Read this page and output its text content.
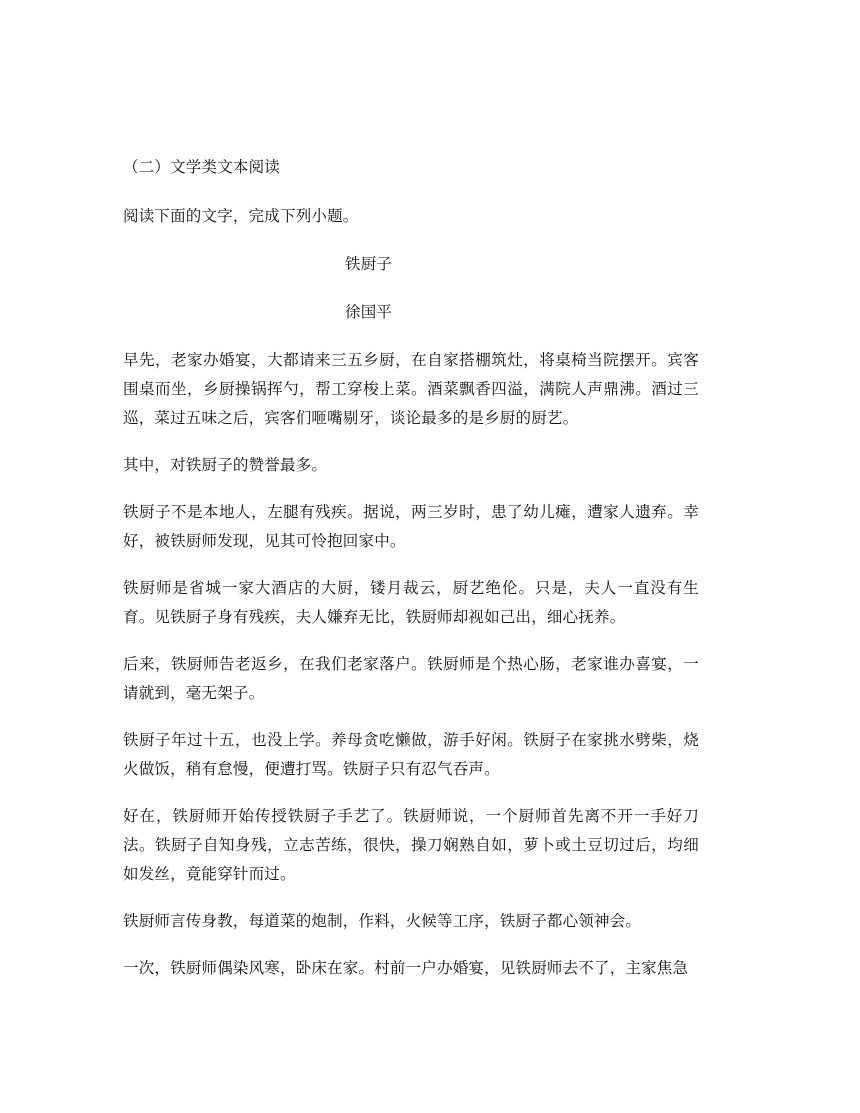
（二）文学类文本阅读

阅读下面的文字，完成下列小题。

铁厨子

徐国平

早先，老家办婚宴，大都请来三五乡厨，在自家搭棚筑灶，将桌椅当院摆开。宾客围桌而坐，乡厨操锅挥勺，帮工穿梭上菜。酒菜飘香四溢，满院人声鼎沸。酒过三巡，菜过五味之后，宾客们咂嘴剔牙，谈论最多的是乡厨的厨艺。

其中，对铁厨子的赞誉最多。

铁厨子不是本地人，左腿有残疾。据说，两三岁时，患了幼儿瘫，遭家人遗弃。幸好，被铁厨师发现，见其可怜抱回家中。

铁厨师是省城一家大酒店的大厨，镂月裁云，厨艺绝伦。只是，夫人一直没有生育。见铁厨子身有残疾，夫人嫌弃无比，铁厨师却视如己出，细心抚养。

后来，铁厨师告老返乡，在我们老家落户。铁厨师是个热心肠，老家谁办喜宴，一请就到，毫无架子。

铁厨子年过十五，也没上学。养母贪吃懒做，游手好闲。铁厨子在家挑水劈柴，烧火做饭，稍有怠慢，便遭打骂。铁厨子只有忍气吞声。

好在，铁厨师开始传授铁厨子手艺了。铁厨师说，一个厨师首先离不开一手好刀法。铁厨子自知身残，立志苦练，很快，操刀娴熟自如，萝卜或土豆切过后，均细如发丝，竟能穿针而过。

铁厨师言传身教，每道菜的炮制，作料，火候等工序，铁厨子都心领神会。

一次，铁厨师偶染风寒，卧床在家。村前一户办婚宴，见铁厨师去不了，主家焦急
